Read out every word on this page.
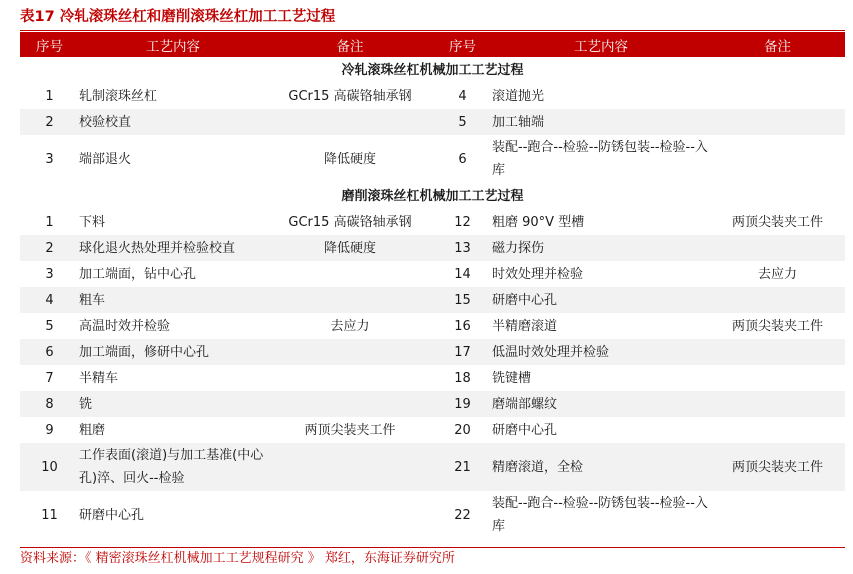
表17 冷轧滚珠丝杠和磨削滚珠丝杠加工工艺过程
序号	工艺内容	备注	序号	工艺内容	备注
冷轧滚珠丝杠机械加工工艺过程					
1	轧制滚珠丝杠	GCr15 高碳铬轴承钢	4	滚道抛光	
2	校验校直		5	加工轴端	
3	端部退火	降低硬度	6	装配--跑合--检验--防锈包装--检验--入库	
磨削滚珠丝杠机械加工工艺过程					
1	下料	GCr15 高碳铬轴承钢	12	粗磨 90°V 型槽	两顶尖装夹工件
2	球化退火热处理并检验校直	降低硬度	13	磁力探伤	
3	加工端面，钻中心孔		14	时效处理并检验	去应力
4	粗车		15	研磨中心孔	
5	高温时效并检验	去应力	16	半精磨滚道	两顶尖装夹工件
6	加工端面，修研中心孔		17	低温时效处理并检验	
7	半精车		18	铣键槽	
8	铣		19	磨端部螺纹	
9	粗磨	两顶尖装夹工件	20	研磨中心孔	
10	工作表面(滚道)与加工基准(中心孔)淬、回火--检验		21	精磨滚道，全检	两顶尖装夹工件
11	研磨中心孔		22	装配--跑合--检验--防锈包装--检验--入库	
资料来源：《 精密滚珠丝杠机械加工工艺规程研究 》 郑红，东海证券研究所
